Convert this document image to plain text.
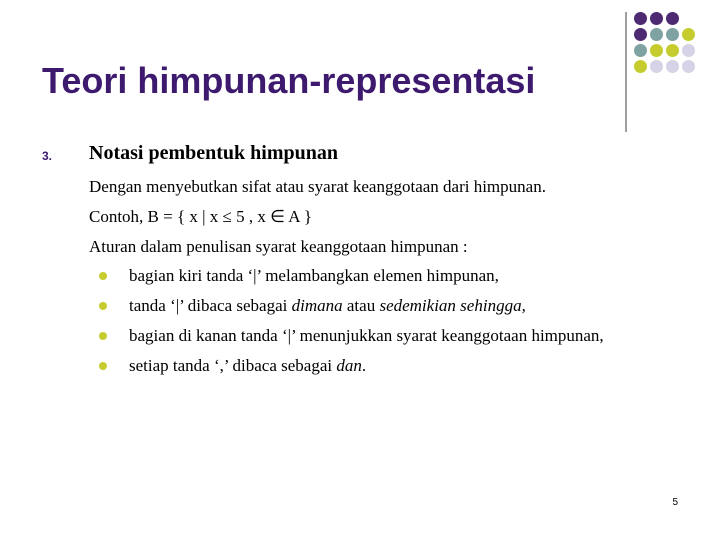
Teori himpunan-representasi
3. Notasi pembentuk himpunan

Dengan menyebutkan sifat atau syarat keanggotaan dari himpunan.

Contoh, B = { x | x ≤ 5 , x ∈ A }

Aturan dalam penulisan syarat keanggotaan himpunan :

bagian kiri tanda ‘|’ melambangkan elemen himpunan,
tanda ‘|’ dibaca sebagai dimana atau sedemikian sehingga,
bagian di kanan tanda ‘|’ menunjukkan syarat keanggotaan himpunan,
setiap tanda ‘,’ dibaca sebagai dan.
5
